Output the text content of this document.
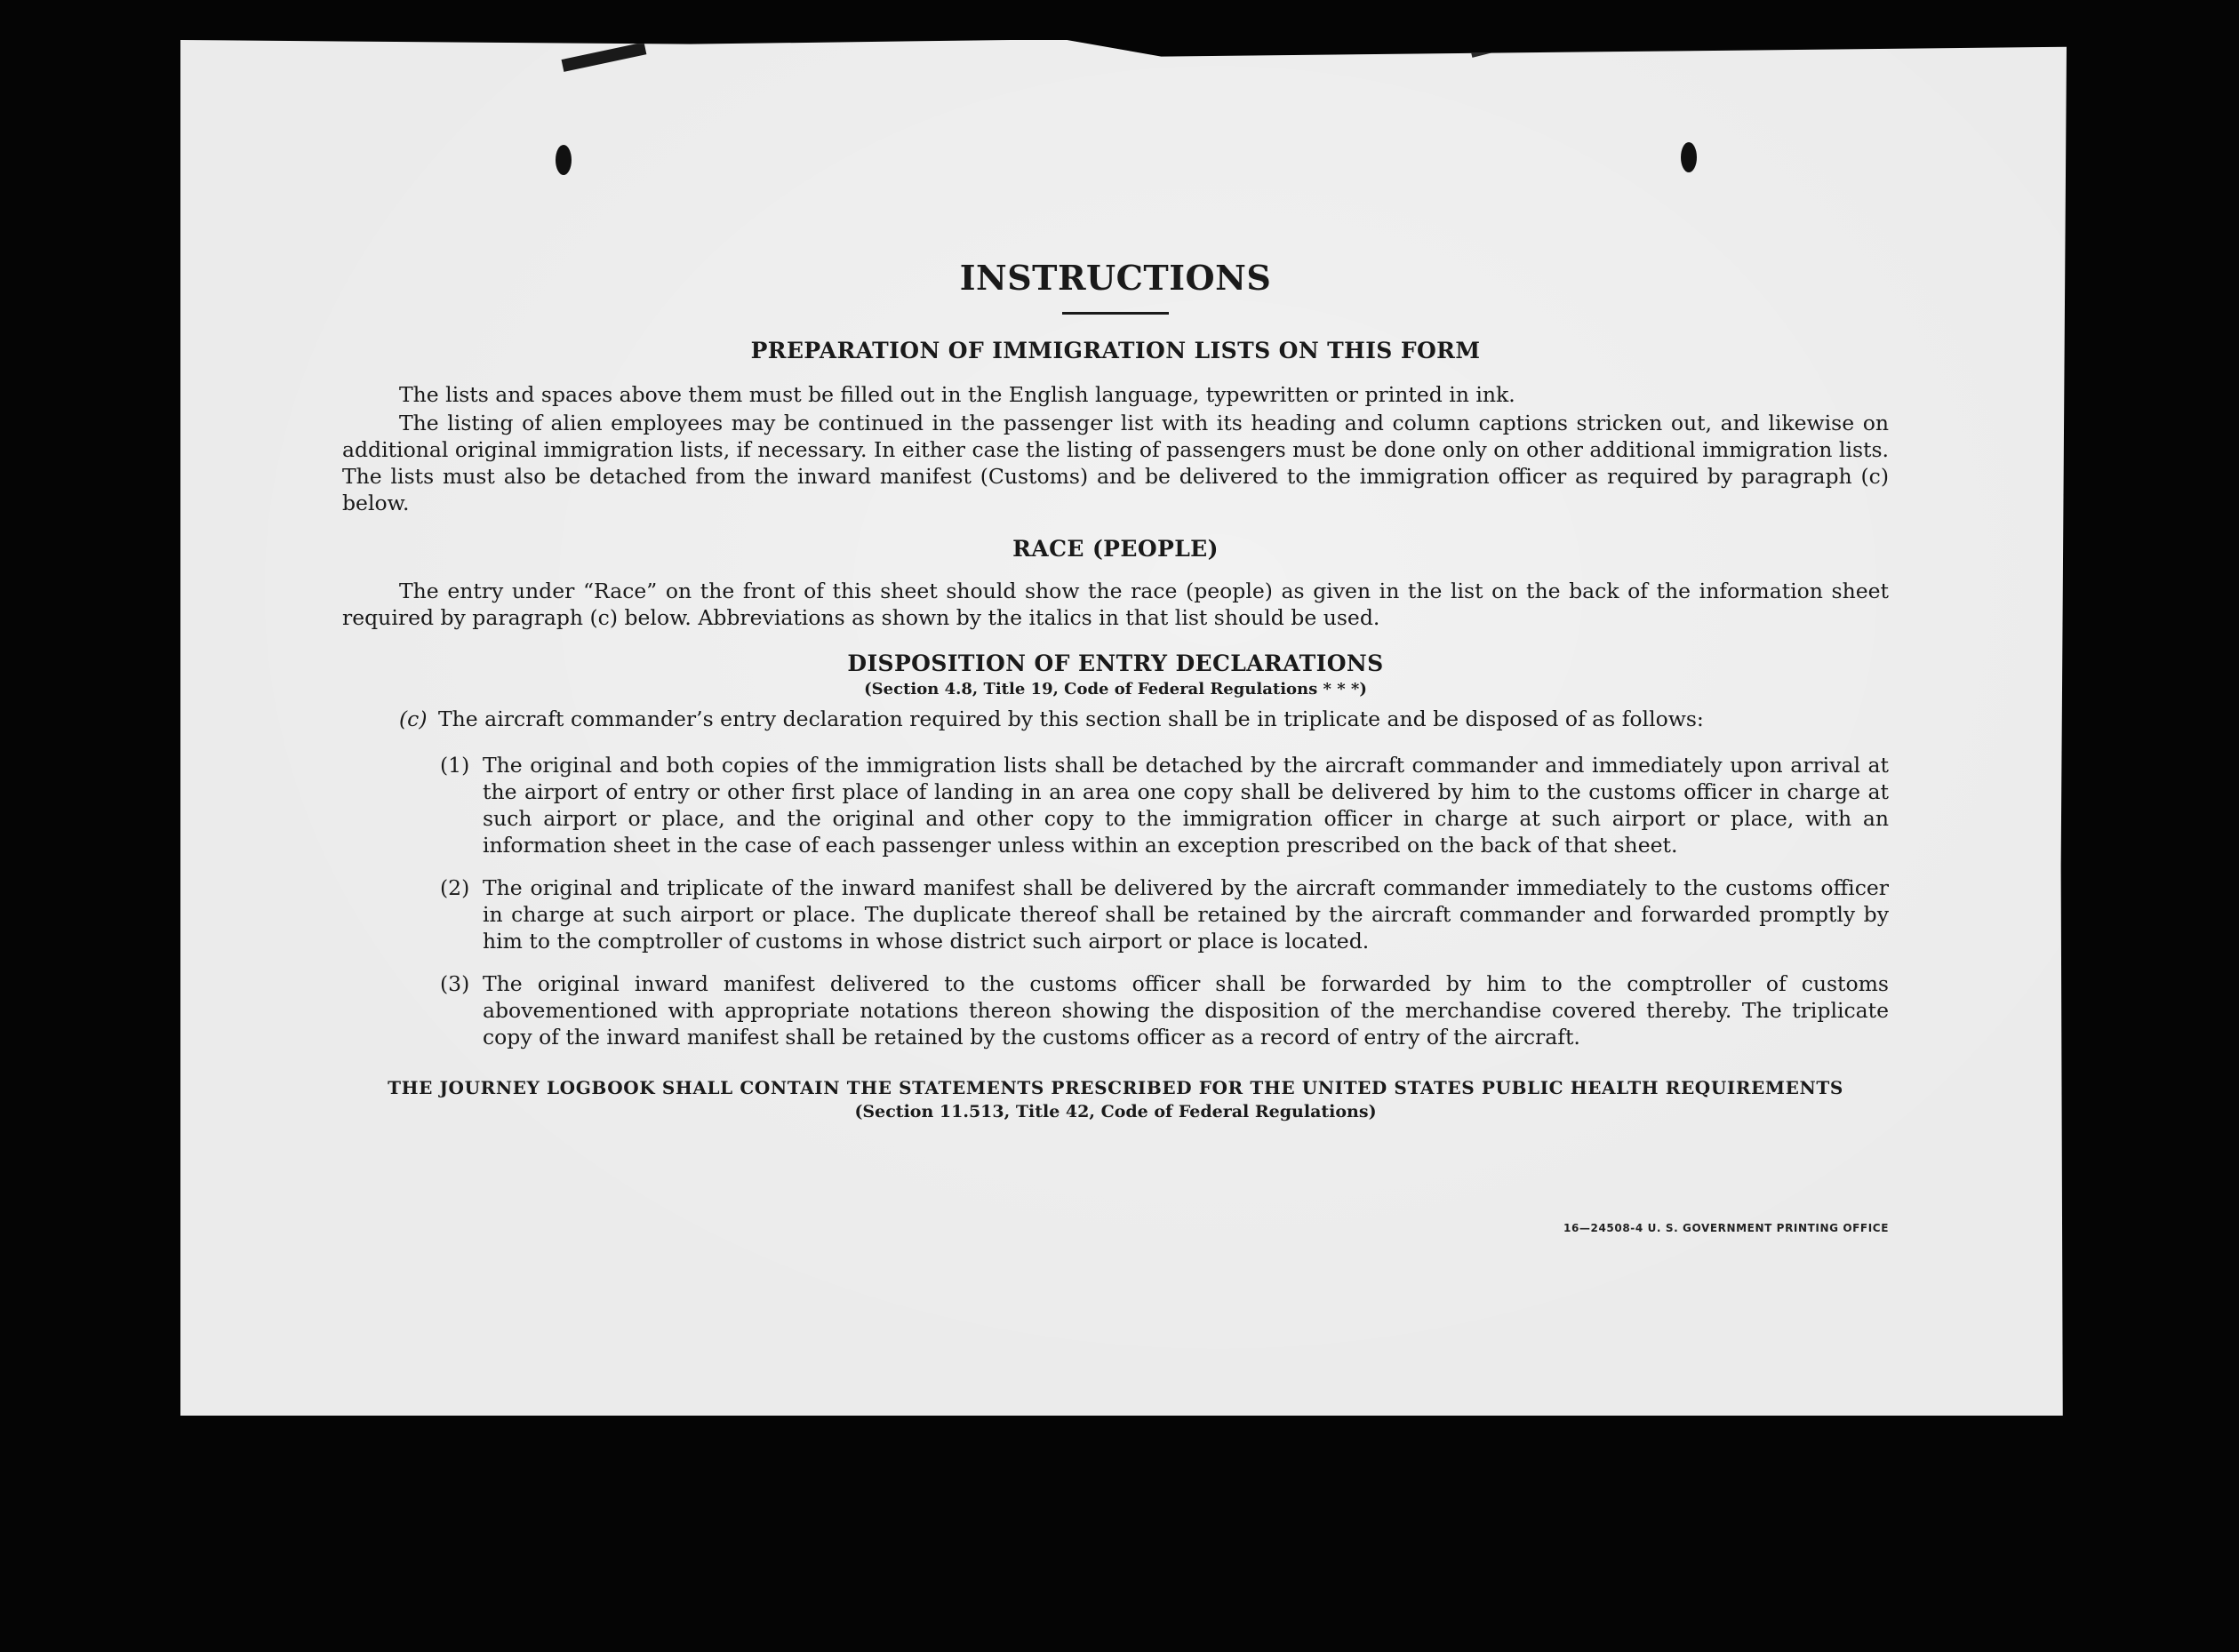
INSTRUCTIONS
PREPARATION OF IMMIGRATION LISTS ON THIS FORM

The lists and spaces above them must be filled out in the English language, typewritten or printed in ink.

The listing of alien employees may be continued in the passenger list with its heading and column captions stricken out, and likewise on additional original immigration lists, if necessary. In either case the listing of passengers must be done only on other additional immigration lists. The lists must also be detached from the inward manifest (Customs) and be delivered to the immigration officer as required by paragraph (c) below.

RACE (PEOPLE)

The entry under “Race” on the front of this sheet should show the race (people) as given in the list on the back of the information sheet required by paragraph (c) below. Abbreviations as shown by the italics in that list should be used.

DISPOSITION OF ENTRY DECLARATIONS
(Section 4.8, Title 19, Code of Federal Regulations * * *)
(c) The aircraft commander’s entry declaration required by this section shall be in triplicate and be disposed of as follows:
(1) The original and both copies of the immigration lists shall be detached by the aircraft commander and immediately upon arrival at the airport of entry or other first place of landing in an area one copy shall be delivered by him to the customs officer in charge at such airport or place, and the original and other copy to the immigration officer in charge at such airport or place, with an information sheet in the case of each passenger unless within an exception prescribed on the back of that sheet.
(2) The original and triplicate of the inward manifest shall be delivered by the aircraft commander immediately to the customs officer in charge at such airport or place. The duplicate thereof shall be retained by the aircraft commander and forwarded promptly by him to the comptroller of customs in whose district such airport or place is located.
(3) The original inward manifest delivered to the customs officer shall be forwarded by him to the comptroller of customs abovementioned with appropriate notations thereon showing the disposition of the merchandise covered thereby. The triplicate copy of the inward manifest shall be retained by the customs officer as a record of entry of the aircraft.
THE JOURNEY LOGBOOK SHALL CONTAIN THE STATEMENTS PRESCRIBED FOR THE UNITED STATES PUBLIC HEALTH REQUIREMENTS
(Section 11.513, Title 42, Code of Federal Regulations)
16—24508-4 U. S. GOVERNMENT PRINTING OFFICE
